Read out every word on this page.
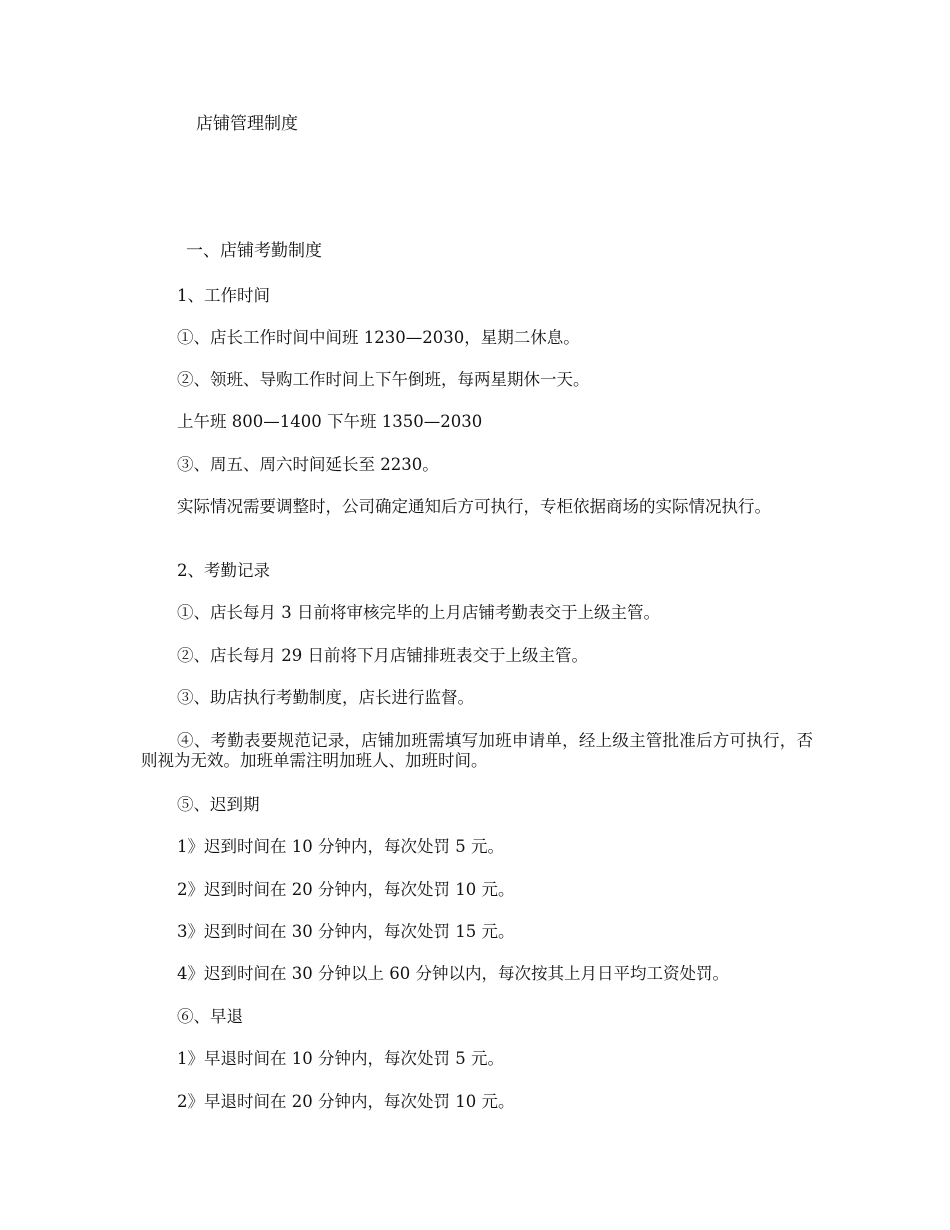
店铺管理制度
一、店铺考勤制度
1、工作时间
①、店长工作时间中间班 1230—2030，星期二休息。
②、领班、导购工作时间上下午倒班，每两星期休一天。
上午班 800—1400 下午班 1350—2030
③、周五、周六时间延长至 2230。
实际情况需要调整时，公司确定通知后方可执行，专柜依据商场的实际情况执行。
2、考勤记录
①、店长每月 3 日前将审核完毕的上月店铺考勤表交于上级主管。
②、店长每月 29 日前将下月店铺排班表交于上级主管。
③、助店执行考勤制度，店长进行监督。
④、考勤表要规范记录，店铺加班需填写加班申请单，经上级主管批准后方可执行，否则视为无效。加班单需注明加班人、加班时间。
⑤、迟到期
1》迟到时间在 10 分钟内，每次处罚 5 元。
2》迟到时间在 20 分钟内，每次处罚 10 元。
3》迟到时间在 30 分钟内，每次处罚 15 元。
4》迟到时间在 30 分钟以上 60 分钟以内，每次按其上月日平均工资处罚。
⑥、早退
1》早退时间在 10 分钟内，每次处罚 5 元。
2》早退时间在 20 分钟内，每次处罚 10 元。
